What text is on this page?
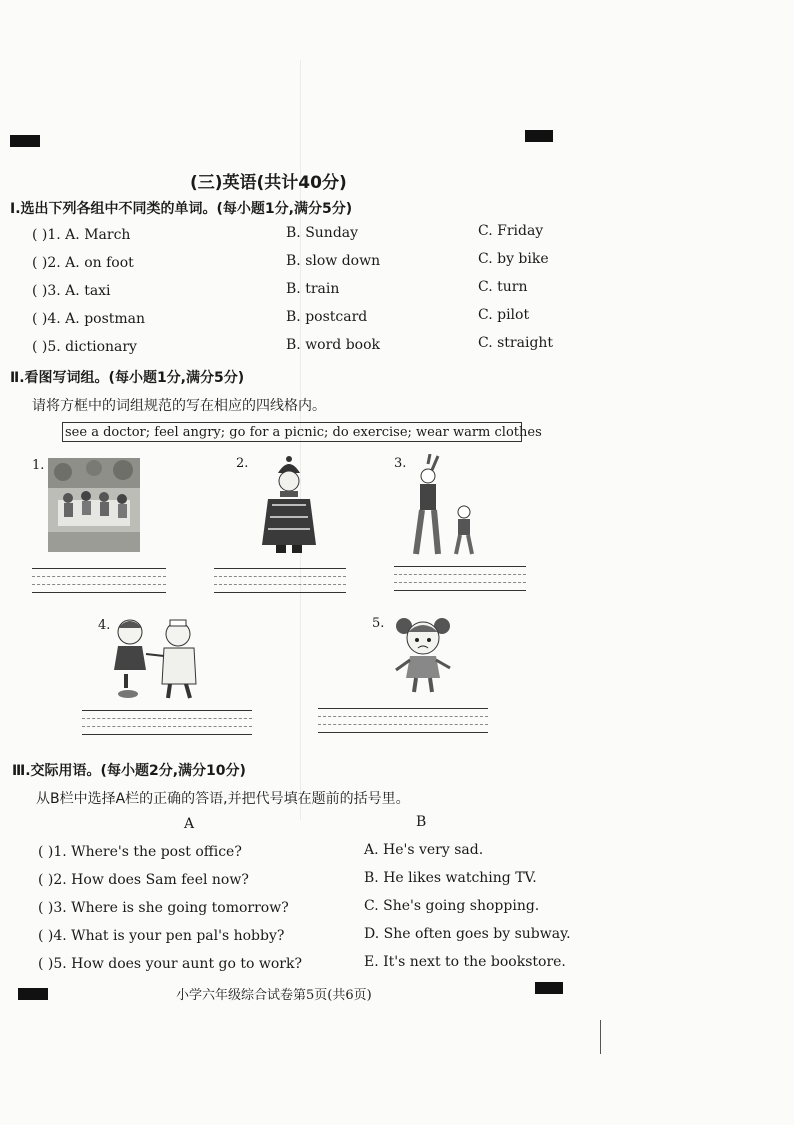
(三)英语(共计40分)
Ⅰ.选出下列各组中不同类的单词。(每小题1分,满分5分)
( )1. A. March	B. Sunday	C. Friday
( )2. A. on foot	B. slow down	C. by bike
( )3. A. taxi	B. train	C. turn
( )4. A. postman	B. postcard	C. pilot
( )5. dictionary	B. word book	C. straight
Ⅱ.看图写词组。(每小题1分,满分5分)
请将方框中的词组规范的写在相应的四线格内。
see a doctor; feel angry; go for a picnic; do exercise; wear warm clothes
1.	2.	3.
4.	5.
Ⅲ.交际用语。(每小题2分,满分10分)
从B栏中选择A栏的正确的答语,并把代号填在题前的括号里。
A	B
( )1. Where's the post office?
( )2. How does Sam feel now?
( )3. Where is she going tomorrow?
( )4. What is your pen pal's hobby?
( )5. How does your aunt go to work?
A. He's very sad.
B. He likes watching TV.
C. She's going shopping.
D. She often goes by subway.
E. It's next to the bookstore.
小学六年级综合试卷第5页(共6页)
